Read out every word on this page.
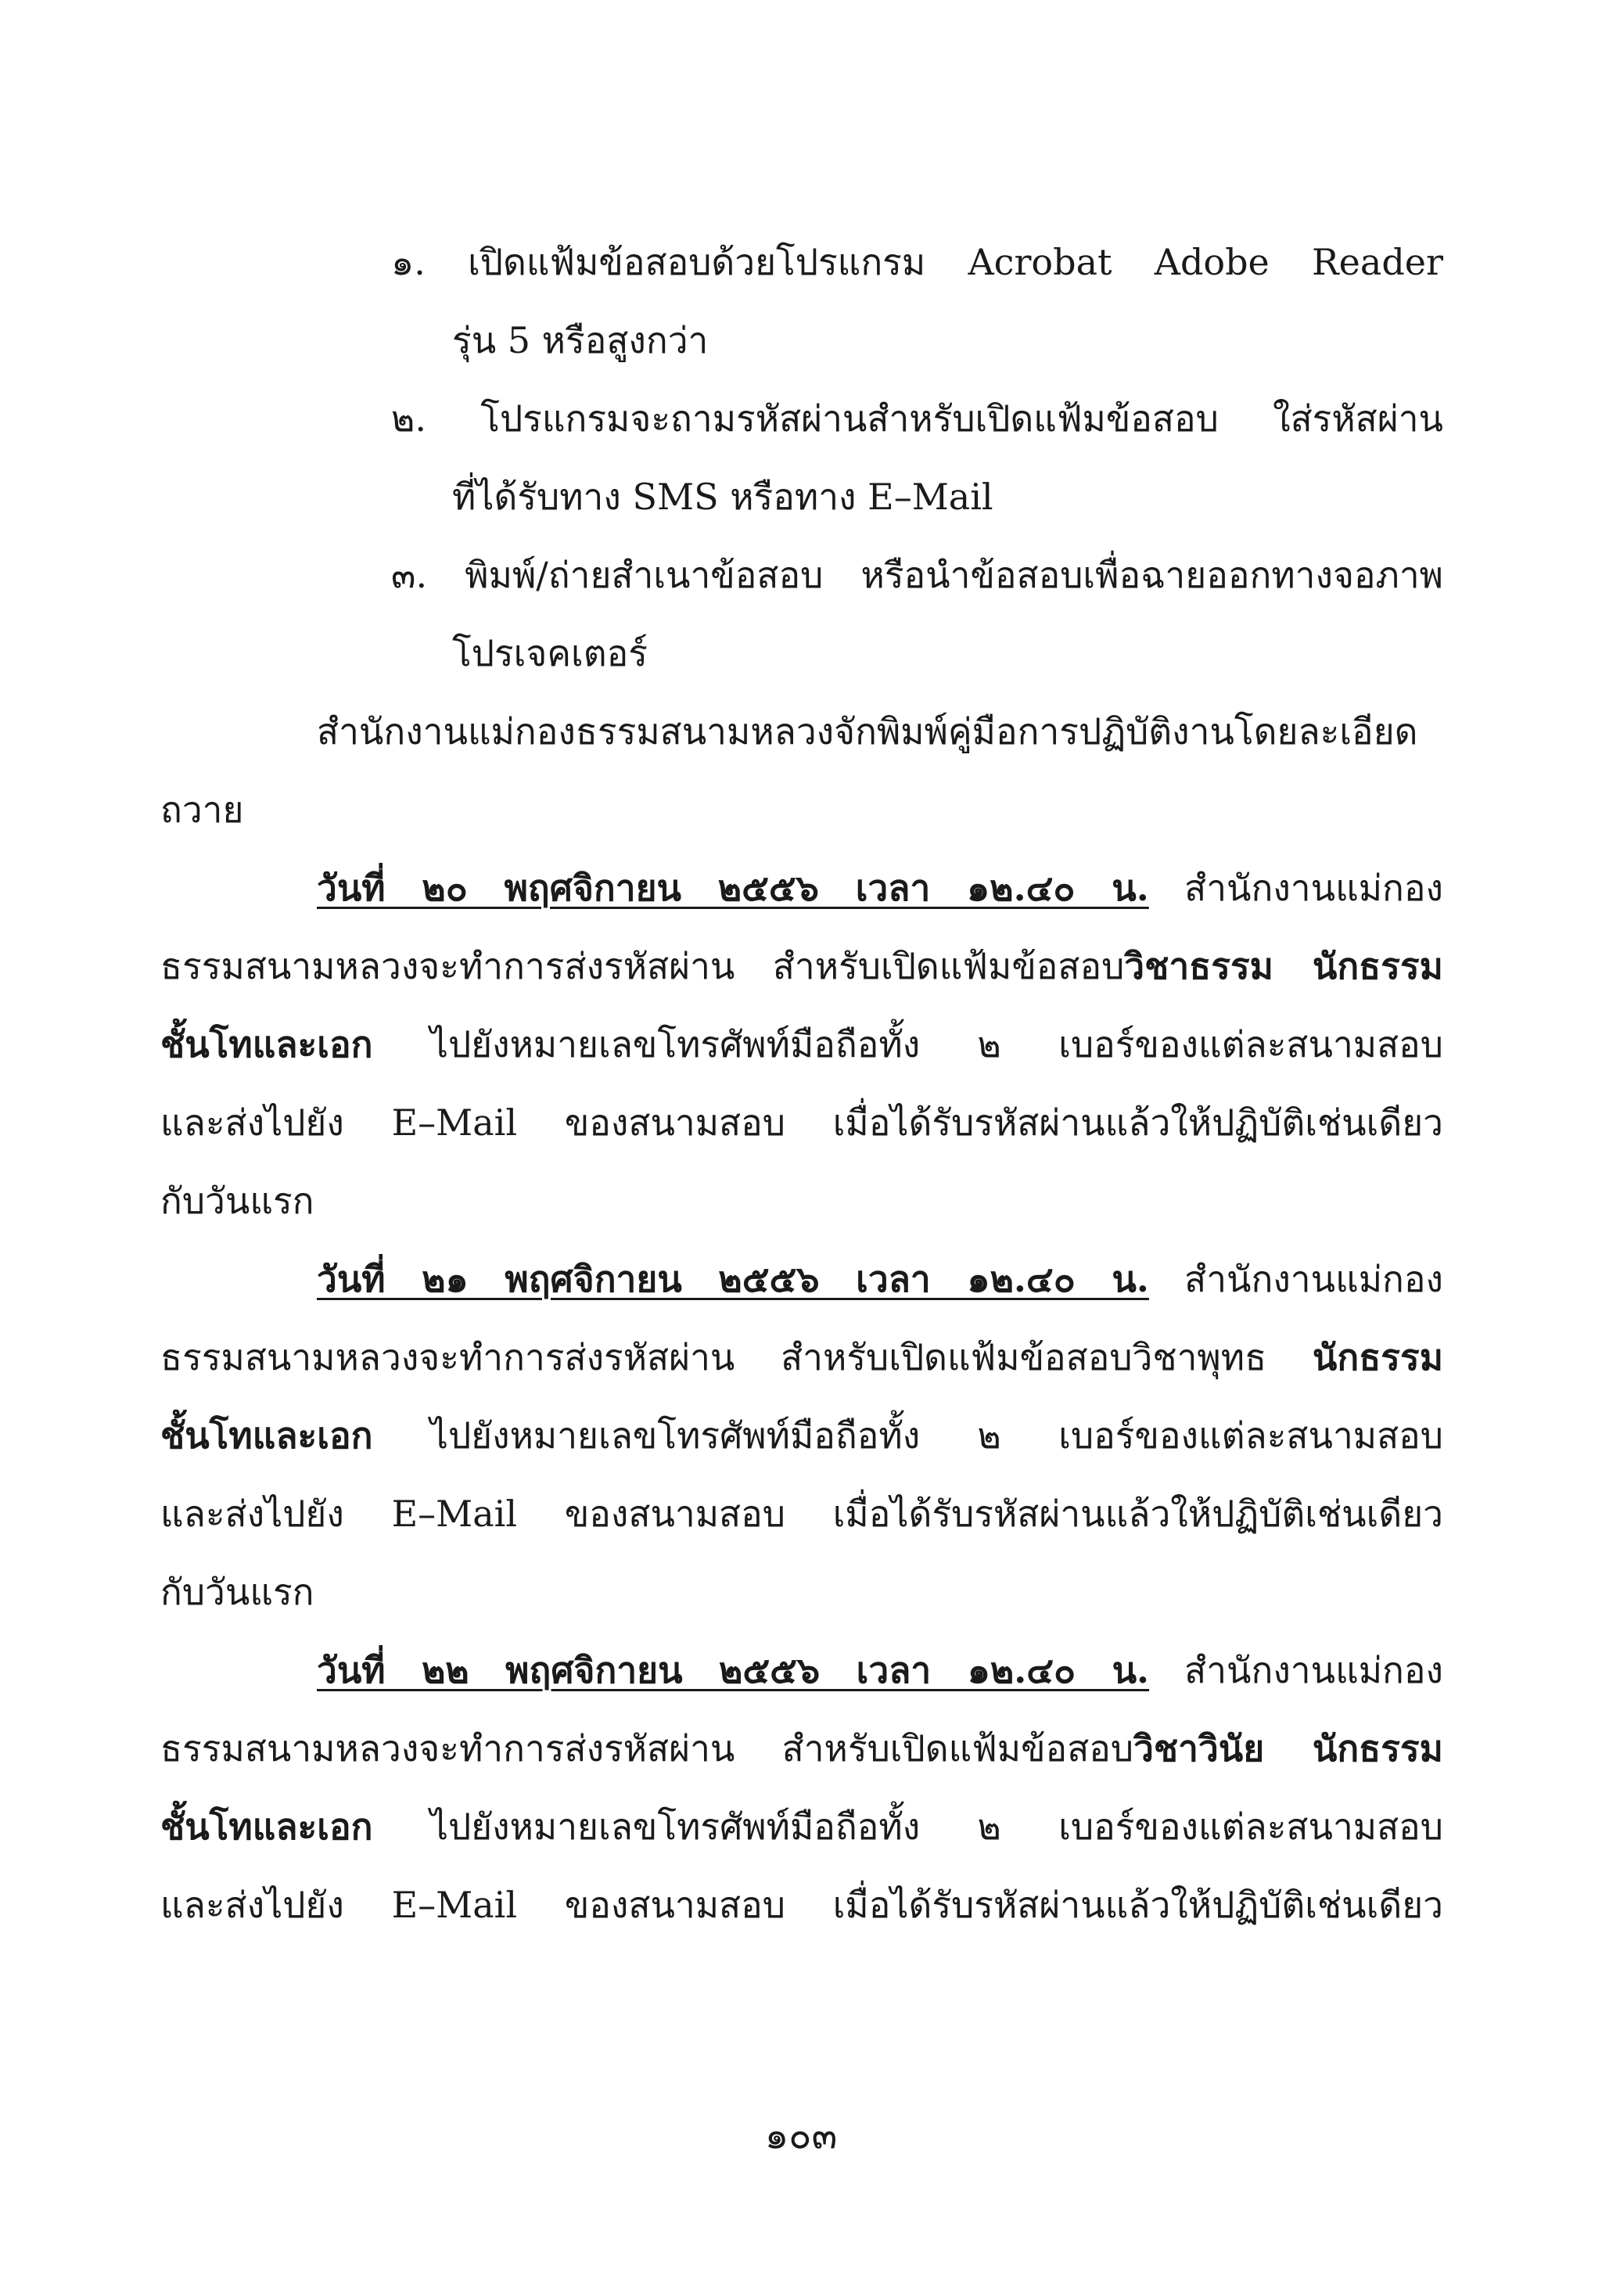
๑. เปิดแฟ้มข้อสอบด้วยโปรแกรม Acrobat Adobe Reader
รุ่น 5 หรือสูงกว่า
๒. โปรแกรมจะถามรหัสผ่านสำหรับเปิดแฟ้มข้อสอบ ใส่รหัสผ่าน
ที่ได้รับทาง SMS หรือทาง E–Mail
๓. พิมพ์/ถ่ายสำเนาข้อสอบ หรือนำข้อสอบเพื่อฉายออกทางจอภาพ
โปรเจคเตอร์
สำนักงานแม่กองธรรมสนามหลวงจักพิมพ์คู่มือการปฏิบัติงานโดยละเอียด
ถวาย
วันที่ ๒๐ พฤศจิกายน ๒๕๕๖ เวลา ๑๒.๔๐ น. สำนักงานแม่กอง
ธรรมสนามหลวงจะทำการส่งรหัสผ่าน สำหรับเปิดแฟ้มข้อสอบวิชาธรรม นักธรรม
ชั้นโทและเอก ไปยังหมายเลขโทรศัพท์มือถือทั้ง ๒ เบอร์ของแต่ละสนามสอบ
และส่งไปยัง E–Mail ของสนามสอบ เมื่อได้รับรหัสผ่านแล้วให้ปฏิบัติเช่นเดียว
กับวันแรก
วันที่ ๒๑ พฤศจิกายน ๒๕๕๖ เวลา ๑๒.๔๐ น. สำนักงานแม่กอง
ธรรมสนามหลวงจะทำการส่งรหัสผ่าน สำหรับเปิดแฟ้มข้อสอบวิชาพุทธ นักธรรม
ชั้นโทและเอก ไปยังหมายเลขโทรศัพท์มือถือทั้ง ๒ เบอร์ของแต่ละสนามสอบ
และส่งไปยัง E–Mail ของสนามสอบ เมื่อได้รับรหัสผ่านแล้วให้ปฏิบัติเช่นเดียว
กับวันแรก
วันที่ ๒๒ พฤศจิกายน ๒๕๕๖ เวลา ๑๒.๔๐ น. สำนักงานแม่กอง
ธรรมสนามหลวงจะทำการส่งรหัสผ่าน สำหรับเปิดแฟ้มข้อสอบวิชาวินัย นักธรรม
ชั้นโทและเอก ไปยังหมายเลขโทรศัพท์มือถือทั้ง ๒ เบอร์ของแต่ละสนามสอบ
และส่งไปยัง E–Mail ของสนามสอบ เมื่อได้รับรหัสผ่านแล้วให้ปฏิบัติเช่นเดียว
๑๐๓
